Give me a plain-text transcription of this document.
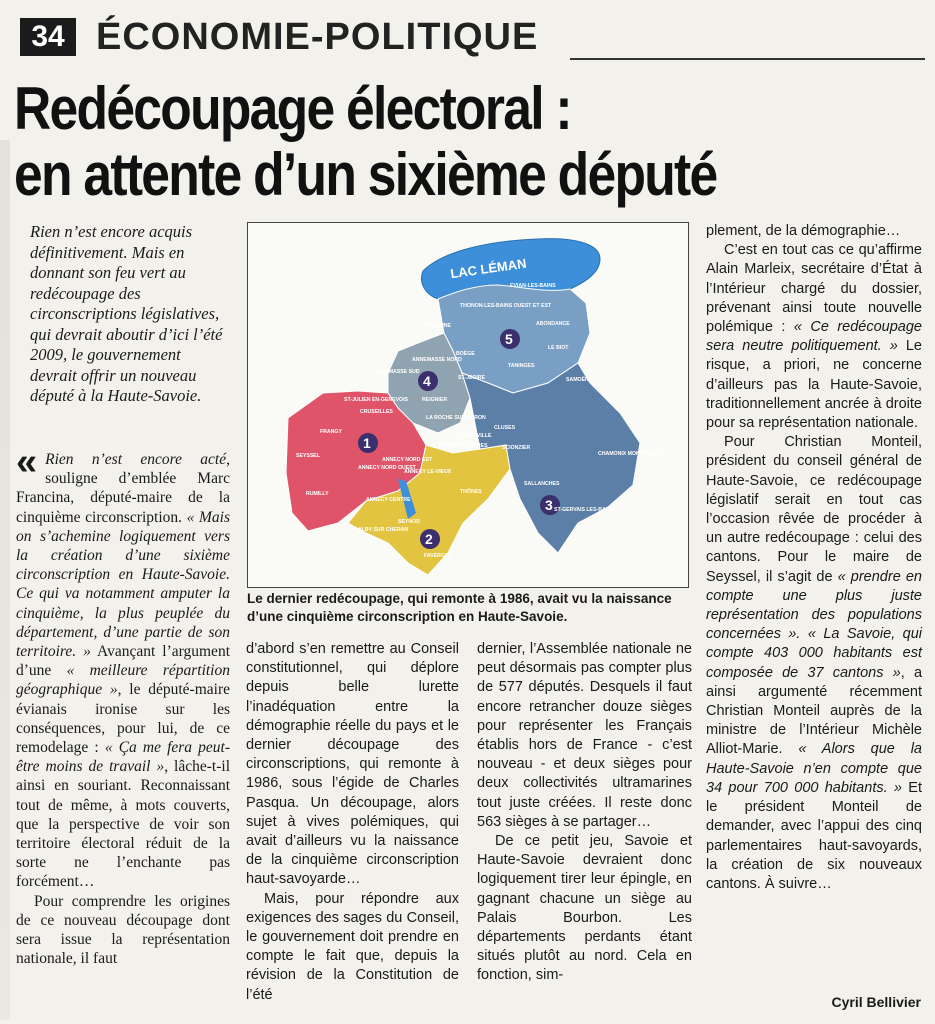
34 ÉCONOMIE-POLITIQUE
Redécoupage électoral :
en attente d’un sixième député

Rien n’est encore acquis définitivement. Mais en donnant son feu vert au redécoupage des circonscriptions législatives, qui devrait aboutir d’ici l’été 2009, le gouvernement devrait offrir un nouveau député à la Haute-Savoie.

« Rien n’est encore acté, souligne d’emblée Marc Francina, député-maire de la cinquième circonscription. « Mais on s’achemine logiquement vers la création d’une sixième circonscription en Haute-Savoie. Ce qui va notamment amputer la cinquième, la plus peuplée du département, d’une partie de son territoire. » Avançant l’argument d’une « meilleure répartition géographique », le député-maire évianais ironise sur les conséquences, pour lui, de ce remodelage : « Ça me fera peut-être moins de travail », lâche-t-il ainsi en souriant. Reconnaissant tout de même, à mots couverts, que la perspective de voir son territoire électoral réduit de la sorte ne l’enchante pas forcément…

Pour comprendre les origines de ce nouveau découpage dont sera issue la représentation nationale, il faut

LAC LÉMAN
1
2
3
4
5
EVIAN-LES-BAINS
THONON-LES-BAINS OUEST ET EST
ABONDANCE
DOUVAINE
LE BIOT
BOËGE
ANNEMASSE NORD
ANNEMASSE SUD
ST-JEOIRE
TANINGES
SAMOËNS
ST-JULIEN EN-GENEVOIS	REIGNIER
LA ROCHE SUR-FORON
CRUSEILLES
FRANGY
THORENS GLIÈRES
BONNEVILLE
CLUSES
SCIONZIER
SEYSSEL
ANNECY NORD OUEST
ANNECY NORD EST
ANNECY LE-VIEUX
CHAMONIX MONT-BLANC
RUMILLY
ANNECY CENTRE
THÔNES
SALLANCHES
ST-GERVAIS LES-BAINS
ALBY SUR CHERAN
SEYNOD
FAVERGES
Le dernier redécoupage, qui remonte à 1986, avait vu la naissance d’une cinquième circonscription en Haute-Savoie.

d’abord s’en remettre au Conseil constitutionnel, qui déplore depuis belle lurette l’inadéquation entre la démographie réelle du pays et le dernier découpage des circonscriptions, qui remonte à 1986, sous l’égide de Charles Pasqua. Un découpage, alors sujet à vives polémiques, qui avait d’ailleurs vu la naissance de la cinquième circonscription haut-savoyarde…

Mais, pour répondre aux exigences des sages du Conseil, le gouvernement doit prendre en compte le fait que, depuis la révision de la Constitution de l’été

dernier, l’Assemblée nationale ne peut désormais pas compter plus de 577 députés. Desquels il faut encore retrancher douze sièges pour représenter les Français établis hors de France - c’est nouveau - et deux sièges pour deux collectivités ultramarines tout juste créées. Il reste donc 563 sièges à se partager…

De ce petit jeu, Savoie et Haute-Savoie devraient donc logiquement tirer leur épingle, en gagnant chacune un siège au Palais Bourbon. Les départements perdants étant situés plutôt au nord. Cela en fonction, sim-

plement, de la démographie…

C’est en tout cas ce qu’affirme Alain Marleix, secrétaire d’État à l’Intérieur chargé du dossier, prévenant ainsi toute nouvelle polémique : « Ce redécoupage sera neutre politiquement. » Le risque, a priori, ne concerne d’ailleurs pas la Haute-Savoie, traditionnellement ancrée à droite pour sa représentation nationale.

Pour Christian Monteil, président du conseil général de Haute-Savoie, ce redécoupage législatif serait en tout cas l’occasion rêvée de procéder à un autre redécoupage : celui des cantons. Pour le maire de Seyssel, il s’agit de « prendre en compte une plus juste représentation des populations concernées ». « La Savoie, qui compte 403 000 habitants est composée de 37 cantons », a ainsi argumenté récemment Christian Monteil auprès de la ministre de l’Intérieur Michèle Alliot-Marie. « Alors que la Haute-Savoie n’en compte que 34 pour 700 000 habitants. » Et le président Monteil de demander, avec l’appui des cinq parlementaires haut-savoyards, la création de six nouveaux cantons. À suivre…

Cyril Bellivier
